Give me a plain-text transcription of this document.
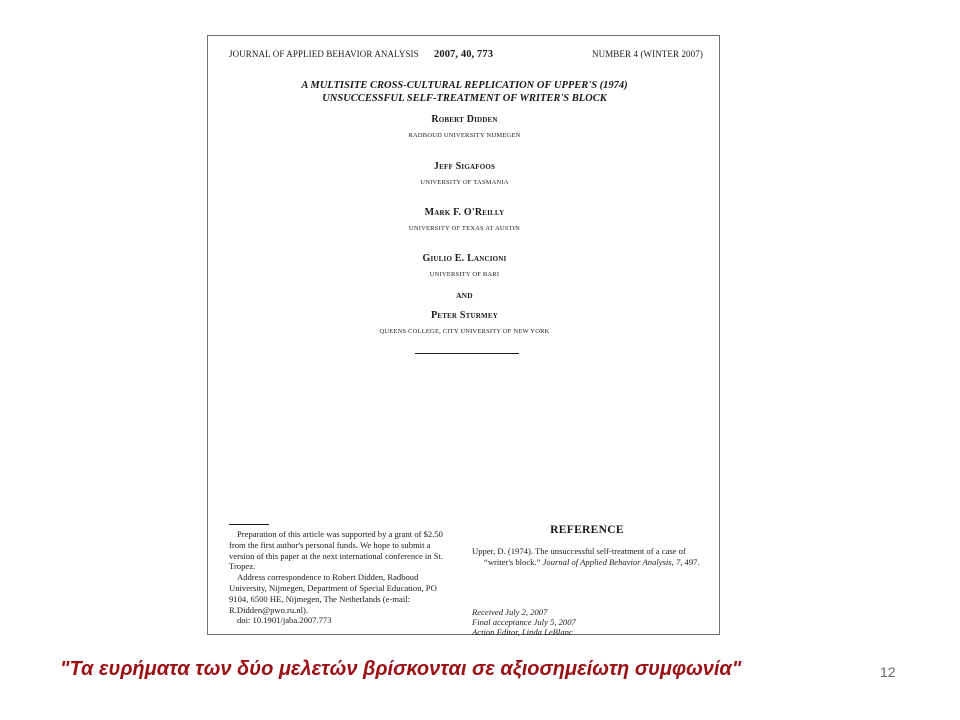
JOURNAL OF APPLIED BEHAVIOR ANALYSIS 2007, 40, 773	NUMBER 4 (WINTER 2007)
A MULTISITE CROSS-CULTURAL REPLICATION OF UPPER'S (1974)
UNSUCCESSFUL SELF-TREATMENT OF WRITER'S BLOCK
Robert Didden
RADBOUD UNIVERSITY NIJMEGEN
Jeff Sigafoos
UNIVERSITY OF TASMANIA
Mark F. O'Reilly
UNIVERSITY OF TEXAS AT AUSTIN
Giulio E. Lancioni
UNIVERSITY OF BARI
AND
Peter Sturmey
QUEENS COLLEGE, CITY UNIVERSITY OF NEW YORK

Preparation of this article was supported by a grant of $2.50 from the first author's personal funds. We hope to submit a version of this paper at the next international conference in St. Tropez.

Address correspondence to Robert Didden, Radboud University, Nijmegen, Department of Special Education, PO 9104, 6500 HE, Nijmegen, The Netherlands (e-mail: R.Didden@pwo.ru.nl).

doi: 10.1901/jaba.2007.773

REFERENCE

Upper, D. (1974). The unsuccessful self-treatment of a case of “writer's block.” Journal of Applied Behavior Analysis, 7, 497.

Received July 2, 2007
Final acceptance July 5, 2007
Action Editor, Linda LeBlanc
"Τα ευρήματα των δύο μελετών βρίσκονται σε αξιοσημείωτη συμφωνία"	12
